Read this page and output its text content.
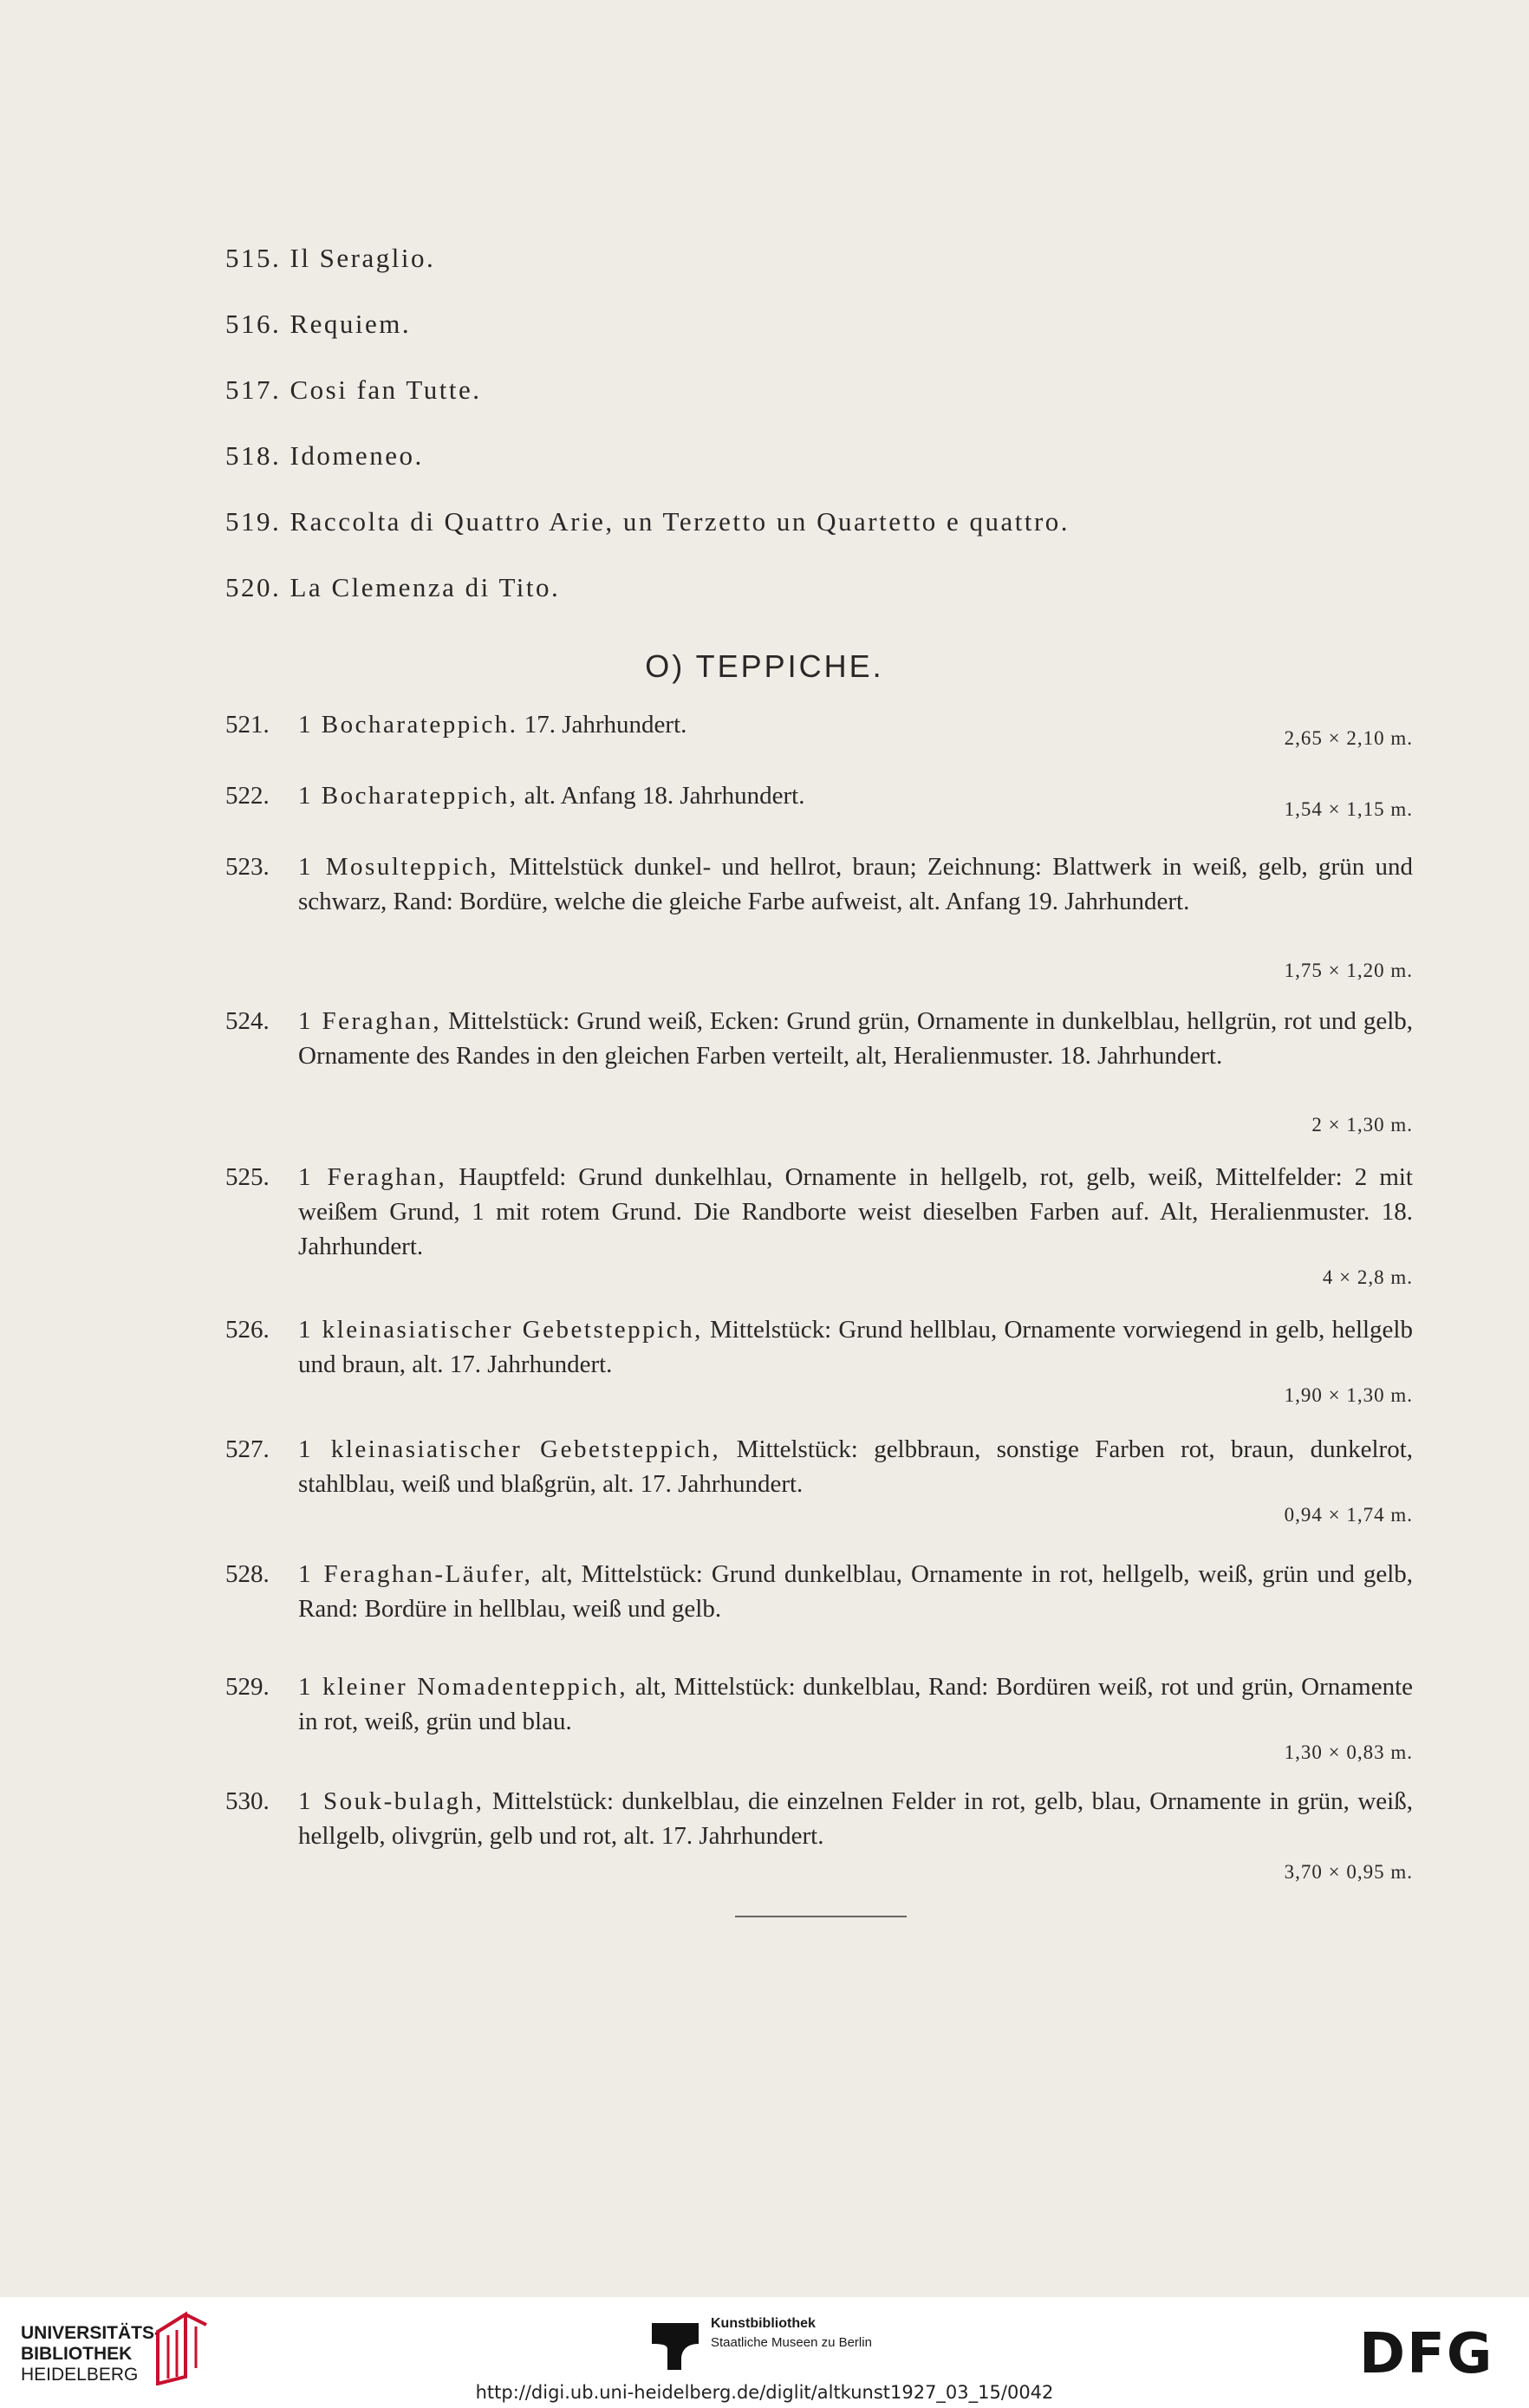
515. Il Seraglio.
516. Requiem.
517. Cosi fan Tutte.
518. Idomeneo.
519. Raccolta di Quattro Arie, un Terzetto un Quartetto e quattro.
520. La Clemenza di Tito.
O) TEPPICHE.
521. 1 Bocharateppich. 17. Jahrhundert.	2,65 × 2,10 m.
522. 1 Bocharateppich, alt. Anfang 18. Jahrhundert.	1,54 × 1,15 m.
523. 1 Mosulteppich, Mittelstück dunkel- und hellrot, braun; Zeichnung: Blattwerk in weiß, gelb, grün und schwarz, Rand: Bordüre, welche die gleiche Farbe aufweist, alt. Anfang 19. Jahrhundert.
1,75 × 1,20 m.
524. 1 Feraghan, Mittelstück: Grund weiß, Ecken: Grund grün, Ornamente in dunkelblau, hellgrün, rot und gelb, Ornamente des Randes in den gleichen Farben verteilt, alt, Heralienmuster. 18. Jahrhundert.
2 × 1,30 m.
525. 1 Feraghan, Hauptfeld: Grund dunkelhlau, Ornamente in hellgelb, rot, gelb, weiß, Mittelfelder: 2 mit weißem Grund, 1 mit rotem Grund. Die Randborte weist dieselben Farben auf. Alt, Heralienmuster. 18. Jahrhundert.
4 × 2,8 m.
526. 1 kleinasiatischer Gebetsteppich, Mittelstück: Grund hellblau, Ornamente vorwiegend in gelb, hellgelb und braun, alt. 17. Jahrhundert.
1,90 × 1,30 m.
527. 1 kleinasiatischer Gebetsteppich, Mittelstück: gelbbraun, sonstige Farben rot, braun, dunkelrot, stahlblau, weiß und blaßgrün, alt. 17. Jahrhundert.
0,94 × 1,74 m.
528. 1 Feraghan-Läufer, alt, Mittelstück: Grund dunkelblau, Ornamente in rot, hellgelb, weiß, grün und gelb, Rand: Bordüre in hellblau, weiß und gelb.
529. 1 kleiner Nomadenteppich, alt, Mittelstück: dunkelblau, Rand: Bordüren weiß, rot und grün, Ornamente in rot, weiß, grün und blau.
1,30 × 0,83 m.
530. 1 Souk-bulagh, Mittelstück: dunkelblau, die einzelnen Felder in rot, gelb, blau, Ornamente in grün, weiß, hellgelb, olivgrün, gelb und rot, alt. 17. Jahrhundert.
3,70 × 0,95 m.
UNIVERSITÄTS-
BIBLIOTHEK
HEIDELBERG
Kunstbibliothek
Staatliche Museen zu Berlin	DFG
http://digi.ub.uni-heidelberg.de/diglit/altkunst1927_03_15/0042
